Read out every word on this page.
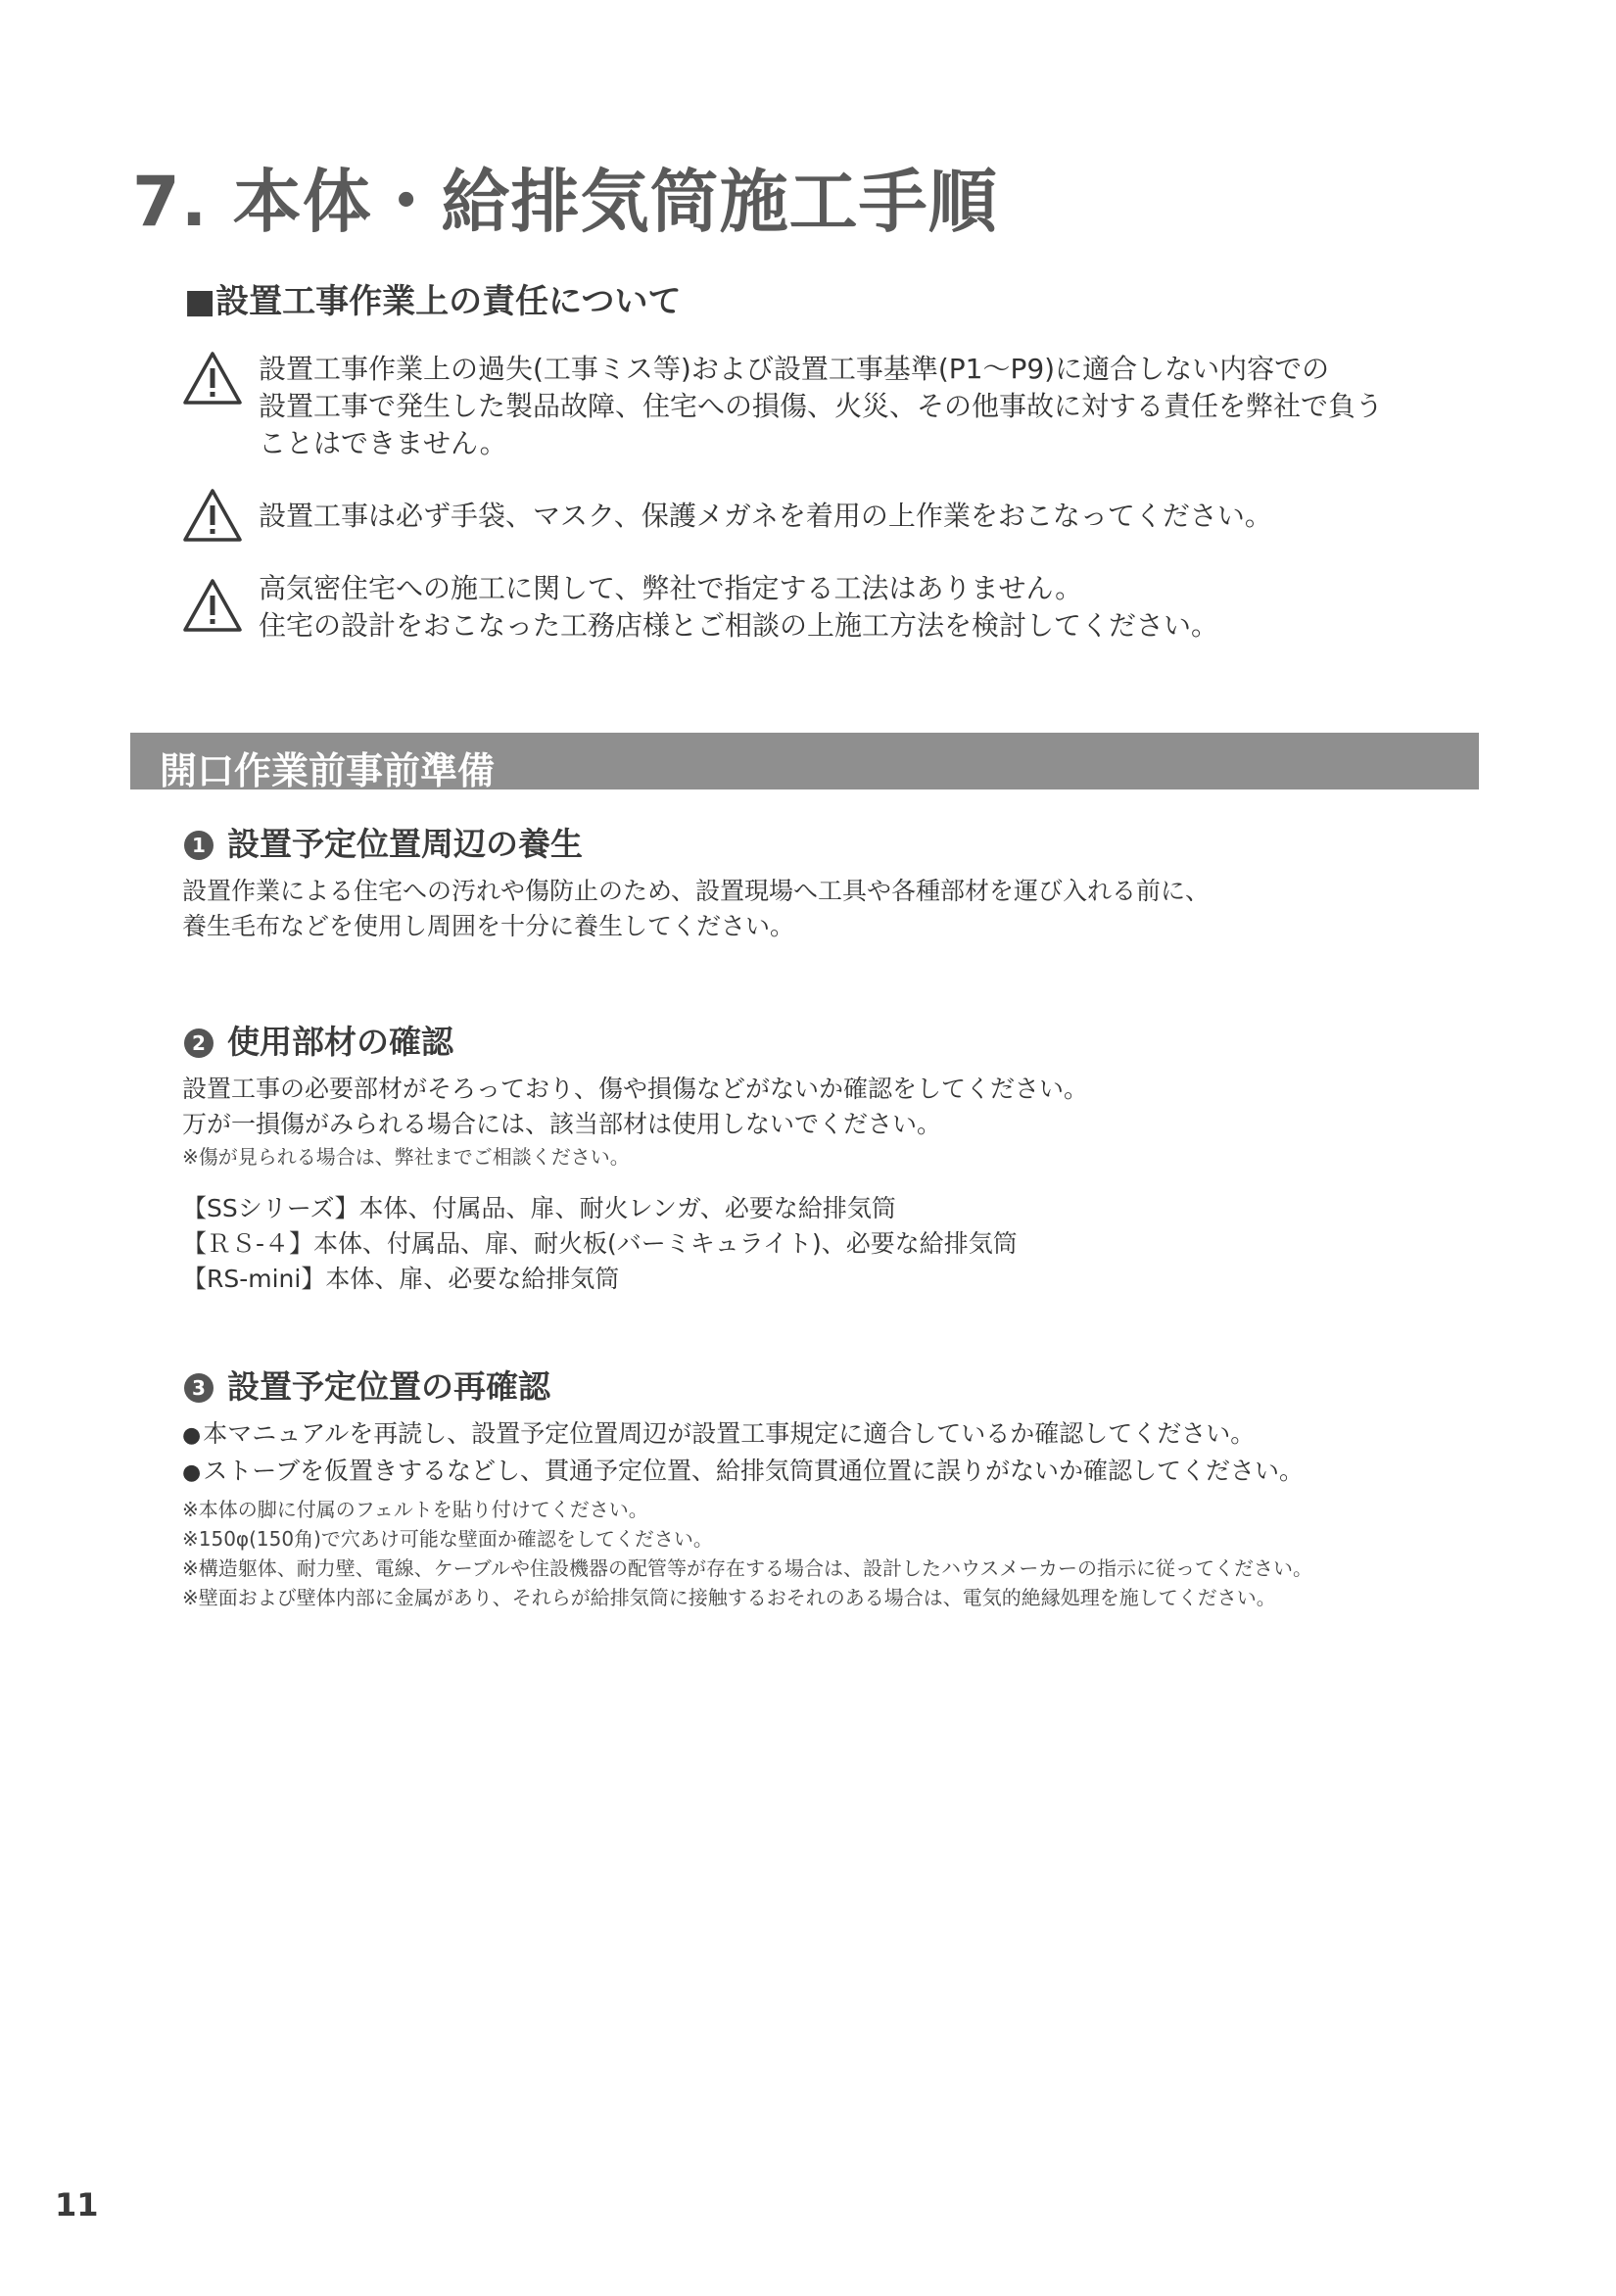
7. 本体・給排気筒施工手順
■設置工事作業上の責任について
設置工事作業上の過失(工事ミス等)および設置工事基準(P1〜P9)に適合しない内容での
設置工事で発生した製品故障、住宅への損傷、火災、その他事故に対する責任を弊社で負う
ことはできません。
設置工事は必ず手袋、マスク、保護メガネを着用の上作業をおこなってください。
高気密住宅への施工に関して、弊社で指定する工法はありません。
住宅の設計をおこなった工務店様とご相談の上施工方法を検討してください。
開口作業前事前準備
1 設置予定位置周辺の養生

設置作業による住宅への汚れや傷防止のため、設置現場へ工具や各種部材を運び入れる前に、

養生毛布などを使用し周囲を十分に養生してください。

2 使用部材の確認

設置工事の必要部材がそろっており、傷や損傷などがないか確認をしてください。

万が一損傷がみられる場合には、該当部材は使用しないでください。

※傷が見られる場合は、弊社までご相談ください。

【SSシリーズ】本体、付属品、扉、耐火レンガ、必要な給排気筒

【ＲＳ-４】本体、付属品、扉、耐火板(バーミキュライト)、必要な給排気筒

【RS-mini】本体、扉、必要な給排気筒

3 設置予定位置の再確認

●本マニュアルを再読し、設置予定位置周辺が設置工事規定に適合しているか確認してください。

●ストーブを仮置きするなどし、貫通予定位置、給排気筒貫通位置に誤りがないか確認してください。

※本体の脚に付属のフェルトを貼り付けてください。

※150φ(150角)で穴あけ可能な壁面か確認をしてください。

※構造躯体、耐力壁、電線、ケーブルや住設機器の配管等が存在する場合は、設計したハウスメーカーの指示に従ってください。

※壁面および壁体内部に金属があり、それらが給排気筒に接触するおそれのある場合は、電気的絶縁処理を施してください。

11
